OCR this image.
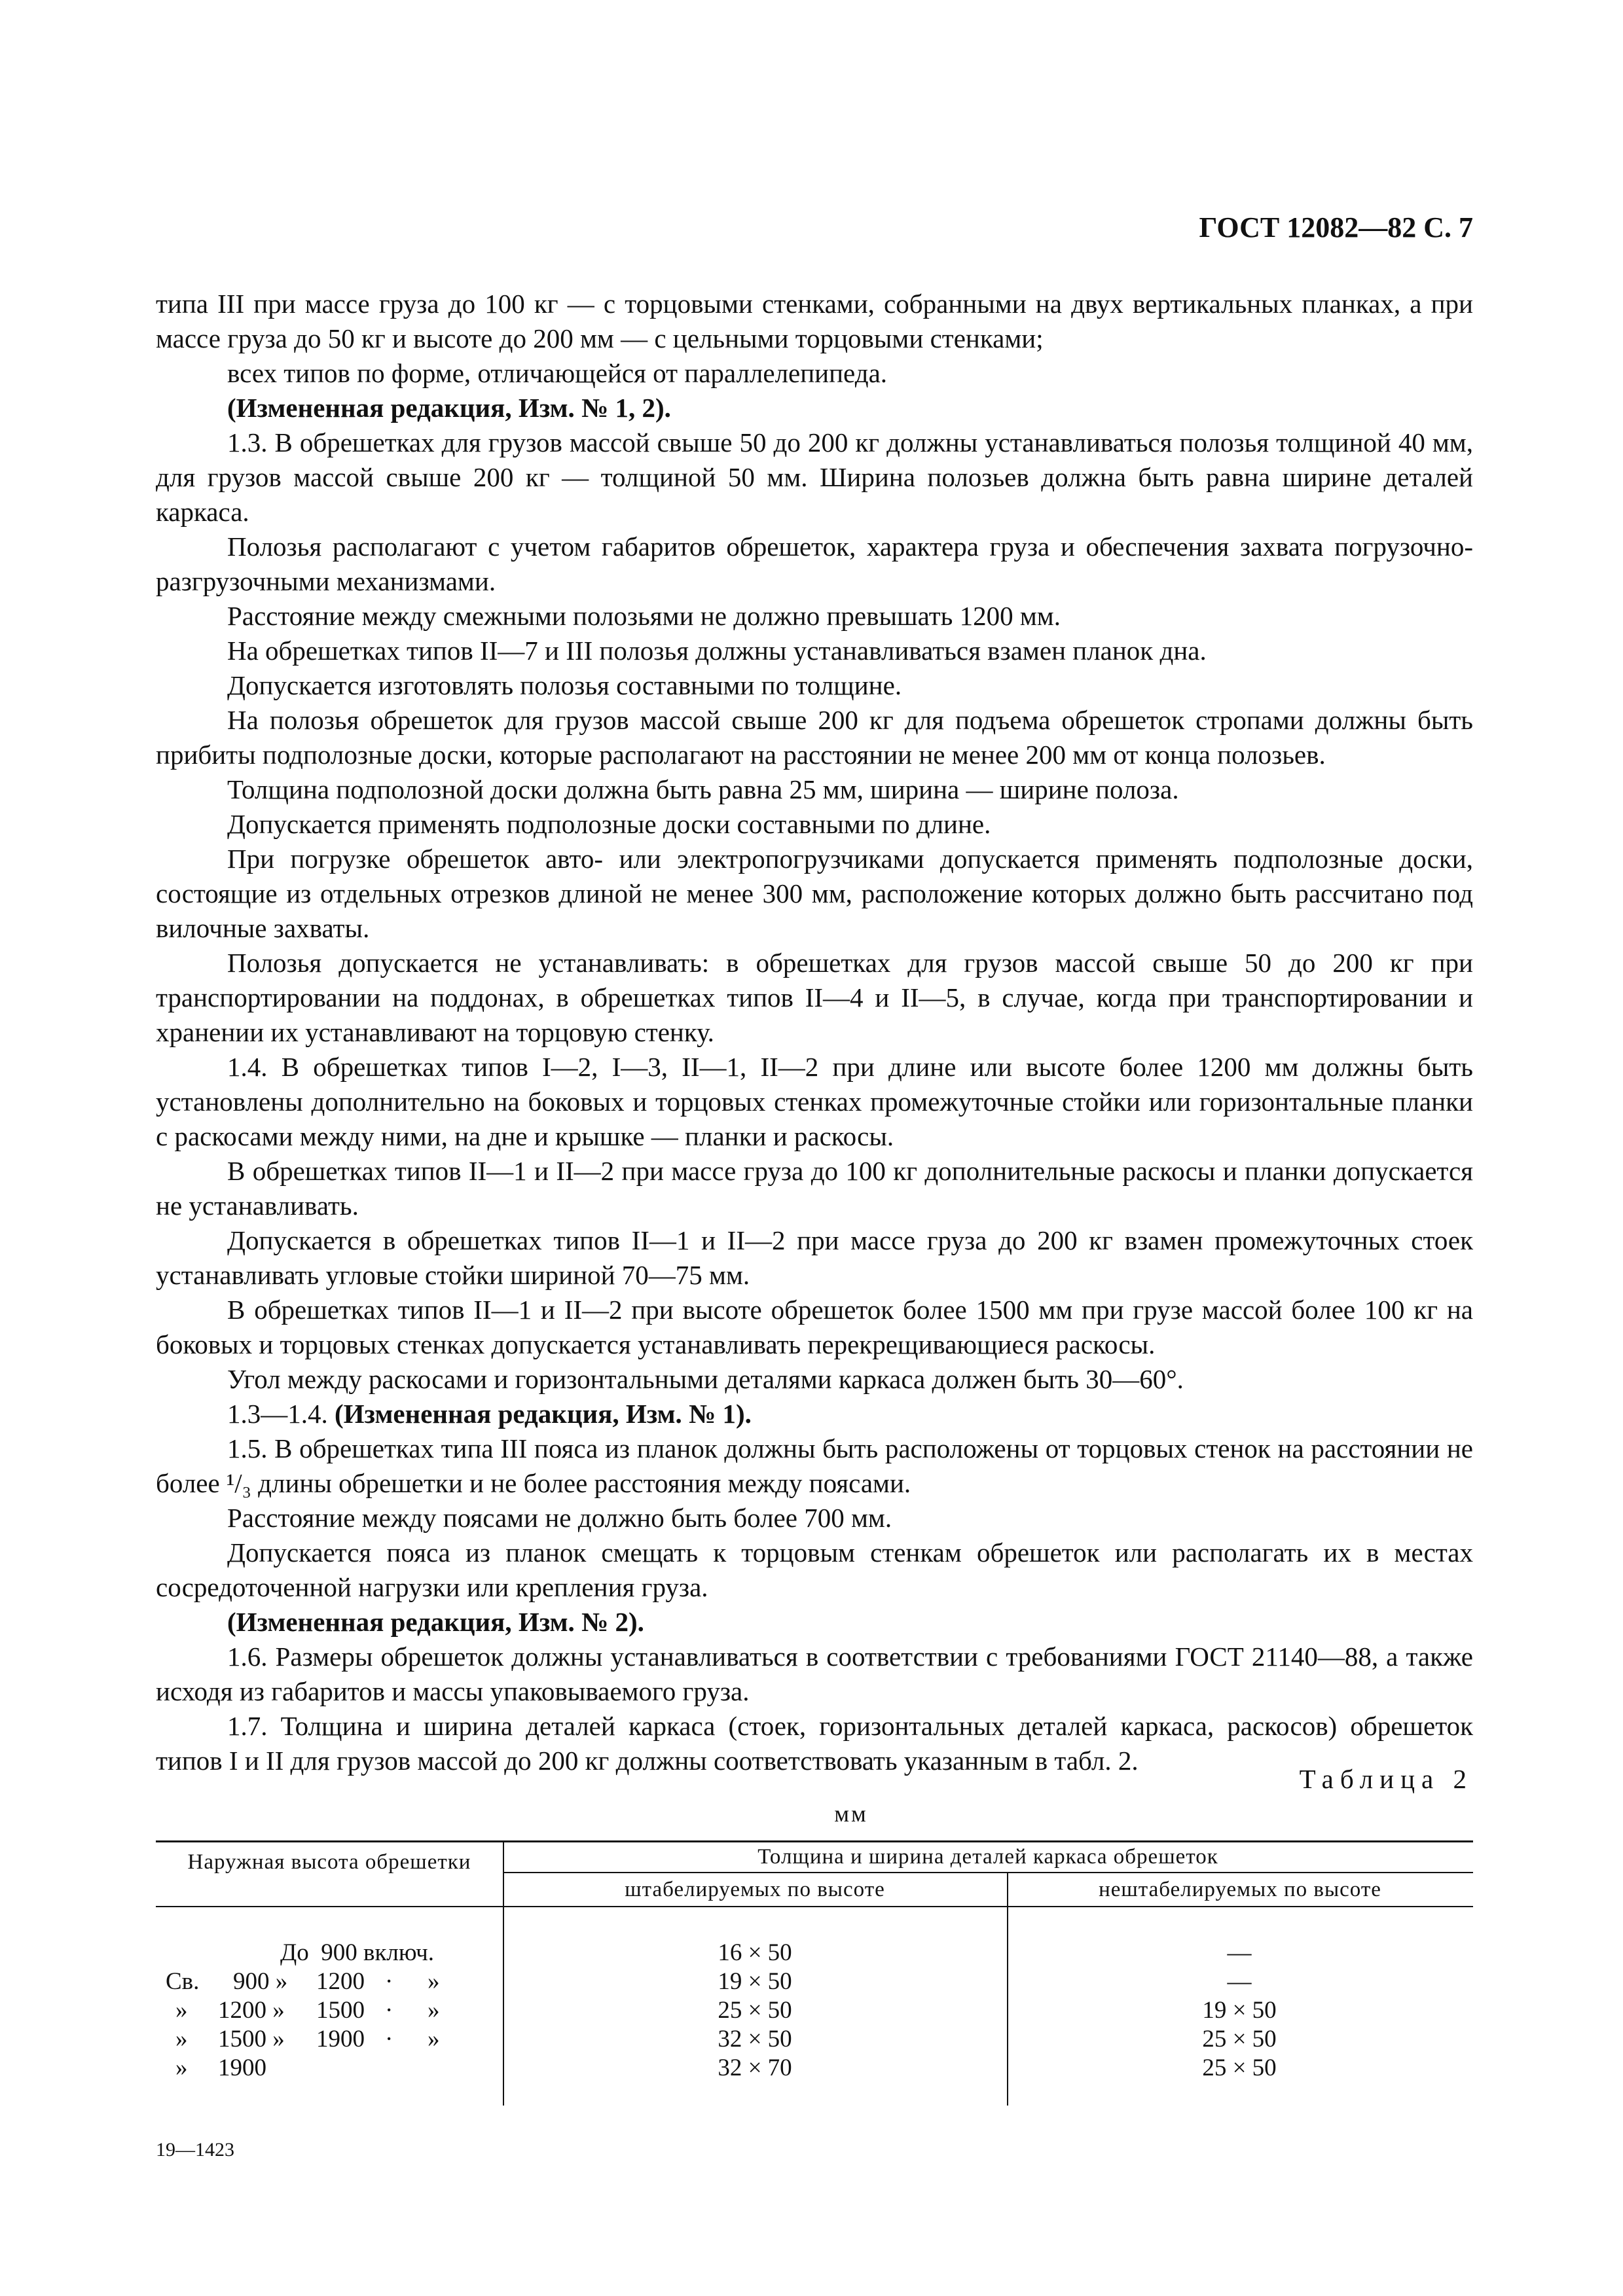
ГОСТ 12082—82 С. 7

типа III при массе груза до 100 кг — с торцовыми стенками, собранными на двух вертикальных планках, а при массе груза до 50 кг и высоте до 200 мм — с цельными торцовыми стенками;

всех типов по форме, отличающейся от параллелепипеда.

(Измененная редакция, Изм. № 1, 2).

1.3. В обрешетках для грузов массой свыше 50 до 200 кг должны устанавливаться полозья толщиной 40 мм, для грузов массой свыше 200 кг — толщиной 50 мм. Ширина полозьев должна быть равна ширине деталей каркаса.

Полозья располагают с учетом габаритов обрешеток, характера груза и обеспечения захвата погрузочно-разгрузочными механизмами.

Расстояние между смежными полозьями не должно превышать 1200 мм.

На обрешетках типов II—7 и III полозья должны устанавливаться взамен планок дна.

Допускается изготовлять полозья составными по толщине.

На полозья обрешеток для грузов массой свыше 200 кг для подъема обрешеток стропами должны быть прибиты подполозные доски, которые располагают на расстоянии не менее 200 мм от конца полозьев.

Толщина подполозной доски должна быть равна 25 мм, ширина — ширине полоза.

Допускается применять подполозные доски составными по длине.

При погрузке обрешеток авто- или электропогрузчиками допускается применять подполозные доски, состоящие из отдельных отрезков длиной не менее 300 мм, расположение которых должно быть рассчитано под вилочные захваты.

Полозья допускается не устанавливать: в обрешетках для грузов массой свыше 50 до 200 кг при транспортировании на поддонах, в обрешетках типов II—4 и II—5, в случае, когда при транспортировании и хранении их устанавливают на торцовую стенку.

1.4. В обрешетках типов I—2, I—3, II—1, II—2 при длине или высоте более 1200 мм должны быть установлены дополнительно на боковых и торцовых стенках промежуточные стойки или горизонтальные планки с раскосами между ними, на дне и крышке — планки и раскосы.

В обрешетках типов II—1 и II—2 при массе груза до 100 кг дополнительные раскосы и планки допускается не устанавливать.

Допускается в обрешетках типов II—1 и II—2 при массе груза до 200 кг взамен промежуточных стоек устанавливать угловые стойки шириной 70—75 мм.

В обрешетках типов II—1 и II—2 при высоте обрешеток более 1500 мм при грузе массой более 100 кг на боковых и торцовых стенках допускается устанавливать перекрещивающиеся раскосы.

Угол между раскосами и горизонтальными деталями каркаса должен быть 30—60°.

1.3—1.4. (Измененная редакция, Изм. № 1).

1.5. В обрешетках типа III пояса из планок должны быть расположены от торцовых стенок на расстоянии не более ¹/₃ длины обрешетки и не более расстояния между поясами.

Расстояние между поясами не должно быть более 700 мм.

Допускается пояса из планок смещать к торцовым стенкам обрешеток или располагать их в местах сосредоточенной нагрузки или крепления груза.

(Измененная редакция, Изм. № 2).

1.6. Размеры обрешеток должны устанавливаться в соответствии с требованиями ГОСТ 21140—88, а также исходя из габаритов и массы упаковываемого груза.

1.7. Толщина и ширина деталей каркаса (стоек, горизонтальных деталей каркаса, раскосов) обрешеток типов I и II для грузов массой до 200 кг должны соответствовать указанным в табл. 2.

Таблица 2
мм
Наружная высота обрешетки	Толщина и ширина деталей каркаса обрешеток
штабелируемых по высоте	нештабелируемых по высоте
До  900 включ.	16 × 50	—
Св. 900 » 1200 · »	19 × 50	—
» 1200 » 1500 · »	25 × 50	19 × 50
» 1500 » 1900 · »	32 × 50	25 × 50
» 1900	32 × 70	25 × 50
19—1423
